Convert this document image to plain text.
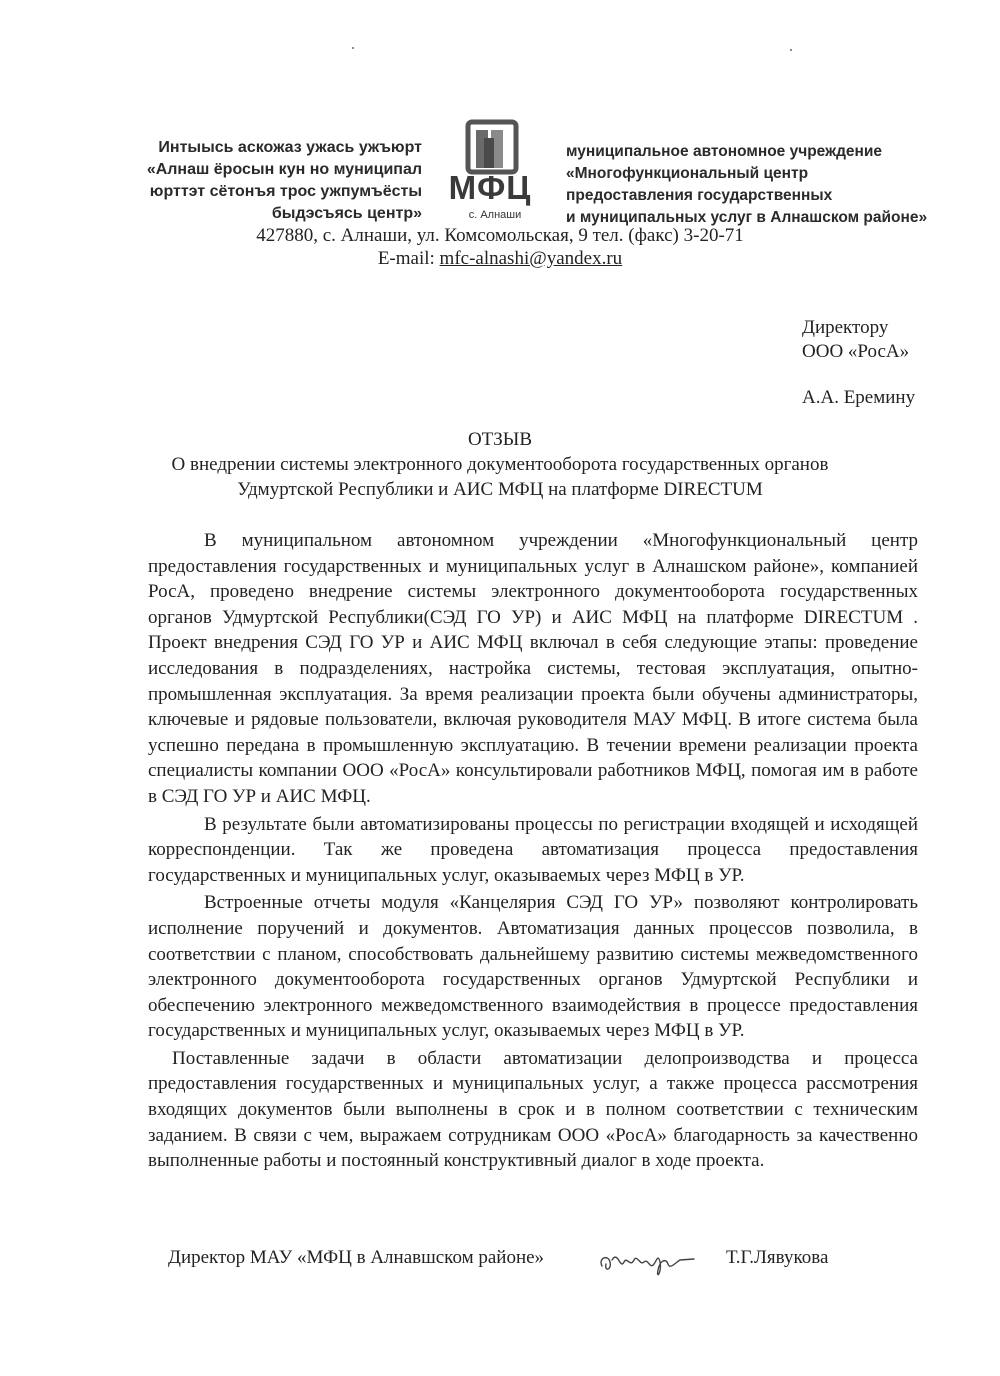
Интыысь аскожаз ужась ужъюрт
«Алнаш ёросын кун но муниципал
юрттэт сётонъя трос ужпумъёсты
быдэсъясь центр»
МФЦ
с. Алнаши
муниципальное автономное учреждение
«Многофункциональный центр
предоставления государственных
и муниципальных услуг в Алнашском районе»
427880, с. Алнаши, ул. Комсомольская, 9 тел. (факс) 3-20-71
E-mail: mfc-alnashi@yandex.ru
Директору
ООО «РосА»
А.А. Еремину
ОТЗЫВ
О внедрении системы электронного документооборота государственных органов
Удмуртской Республики и АИС МФЦ на платформе DIRECTUM

В муниципальном автономном учреждении «Многофункциональный центр предоставления государственных и муниципальных услуг в Алнашском районе», компанией РосА, проведено внедрение системы электронного документооборота государственных органов Удмуртской Республики(СЭД ГО УР) и АИС МФЦ на платформе DIRECTUM . Проект внедрения СЭД ГО УР и АИС МФЦ включал в себя следующие этапы: проведение исследования в подразделениях, настройка системы, тестовая эксплуатация, опытно-промышленная эксплуатация. За время реализации проекта были обучены администраторы, ключевые и рядовые пользователи, включая руководителя МАУ МФЦ. В итоге система была успешно передана в промышленную эксплуатацию. В течении времени реализации проекта специалисты компании ООО «РосА» консультировали работников МФЦ, помогая им в работе в СЭД ГО УР и АИС МФЦ.

В результате были автоматизированы процессы по регистрации входящей и исходящей корреспонденции. Так же проведена автоматизация процесса предоставления государственных и муниципальных услуг, оказываемых через МФЦ в УР.

Встроенные отчеты модуля «Канцелярия СЭД ГО УР» позволяют контролировать исполнение поручений и документов. Автоматизация данных процессов позволила, в соответствии с планом, способствовать дальнейшему развитию системы межведомственного электронного документооборота государственных органов Удмуртской Республики и обеспечению электронного межведомственного взаимодействия в процессе предоставления государственных и муниципальных услуг, оказываемых через МФЦ в УР.

Поставленные задачи в области автоматизации делопроизводства и процесса предоставления государственных и муниципальных услуг, а также процесса рассмотрения входящих документов были выполнены в срок и в полном соответствии с техническим заданием. В связи с чем, выражаем сотрудникам ООО «РосА» благодарность за качественно выполненные работы и постоянный конструктивный диалог в ходе проекта.

Директор МАУ «МФЦ в Алнавшском районе»	Т.Г.Лявукова
